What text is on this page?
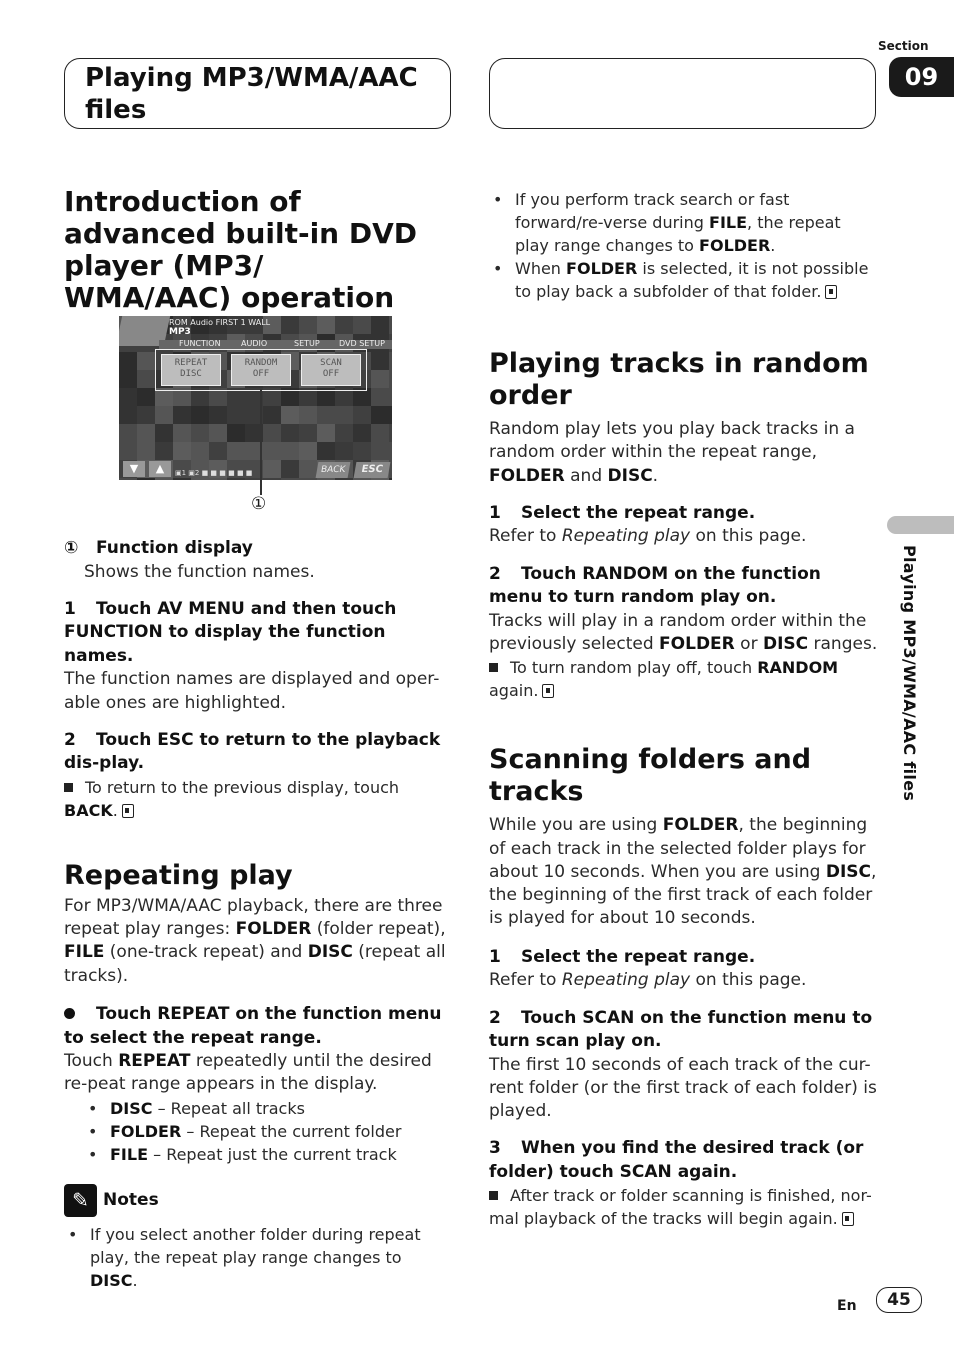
Playing MP3/WMA/AAC files
Section
09
Playing MP3/WMA/AAC files
Introduction of advanced built-in DVD player (MP3/ WMA/AAC) operation
ROM Audio FIRST 1 WALL
MP3
FUNCTION	AUDIO	SETUP DVD SETUP
REPEAT
DISC
RANDOM
OFF
SCAN
OFF
▼	▲	▣1 ▣2 ■ ■ ■ ■ ■ ■	BACK	ESC
①
① Function display

Shows the function names.

1 Touch AV MENU and then touch FUNCTION to display the function names.

The function names are displayed and oper-able ones are highlighted.

2 Touch ESC to return to the playback dis-play.

To return to the previous display, touch
BACK.

Repeating play

For MP3/WMA/AAC playback, there are three repeat play ranges: FOLDER (folder repeat), FILE (one-track repeat) and DISC (repeat all tracks).

Touch REPEAT on the function menu to select the repeat range.

Touch REPEAT repeatedly until the desired re-peat range appears in the display.

• DISC – Repeat all tracks

• FOLDER – Repeat the current folder

• FILE – Repeat just the current track

✎ Notes

• If you select another folder during repeat play, the repeat play range changes to DISC.

• If you perform track search or fast forward/re-verse during FILE, the repeat play range changes to FOLDER.

• When FOLDER is selected, it is not possible to play back a subfolder of that folder.

Playing tracks in random order

Random play lets you play back tracks in a random order within the repeat range, FOLDER and DISC.

1 Select the repeat range.

Refer to Repeating play on this page.

2 Touch RANDOM on the function menu to turn random play on.

Tracks will play in a random order within the previously selected FOLDER or DISC ranges.

To turn random play off, touch RANDOM again.

Scanning folders and tracks

While you are using FOLDER, the beginning of each track in the selected folder plays for about 10 seconds. When you are using DISC, the beginning of the first track of each folder is played for about 10 seconds.

1 Select the repeat range.

Refer to Repeating play on this page.

2 Touch SCAN on the function menu to turn scan play on.

The first 10 seconds of each track of the cur-rent folder (or the first track of each folder) is played.

3 When you find the desired track (or folder) touch SCAN again.

After track or folder scanning is finished, nor-mal playback of the tracks will begin again.

En	45
